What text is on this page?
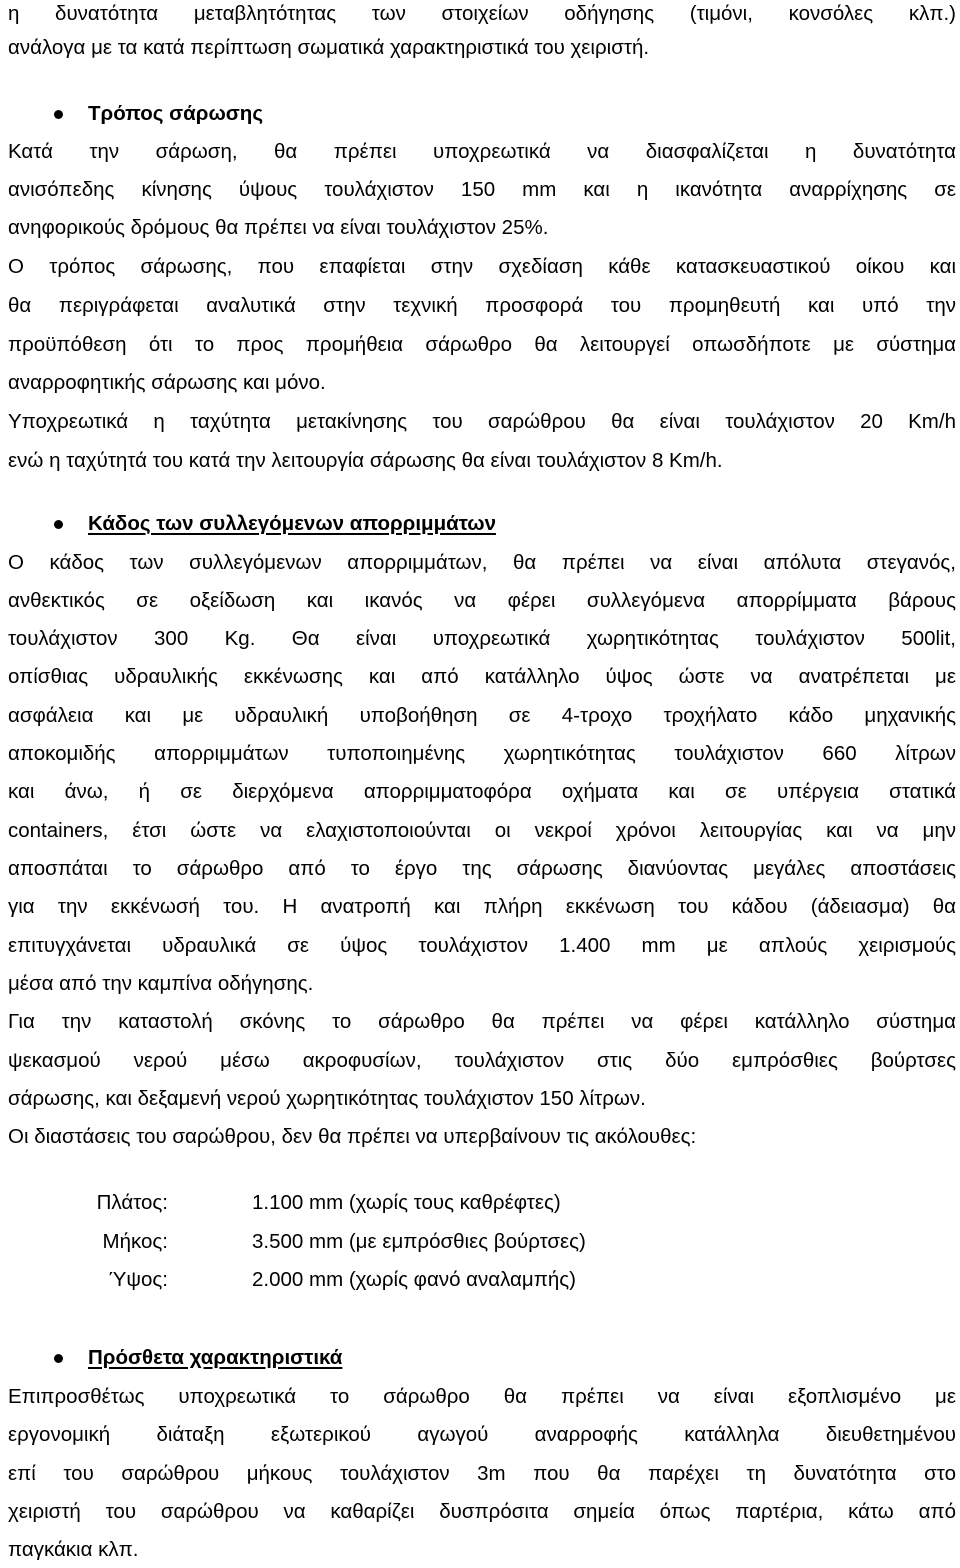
η δυνατότητα μεταβλητότητας των στοιχείων οδήγησης (τιμόνι, κονσόλες κλπ.)
ανάλογα με τα κατά περίπτωση σωματικά χαρακτηριστικά του χειριστή.
Τρόπος σάρωσης
Κατά την σάρωση, θα πρέπει υποχρεωτικά να διασφαλίζεται η δυνατότητα
ανισόπεδης κίνησης ύψους τουλάχιστον 150 mm και η ικανότητα αναρρίχησης σε
ανηφορικούς δρόμους θα πρέπει να είναι τουλάχιστον 25%.
Ο τρόπος σάρωσης, που επαφίεται στην σχεδίαση κάθε κατασκευαστικού οίκου και
θα περιγράφεται αναλυτικά στην τεχνική προσφορά του προμηθευτή και υπό την
προϋπόθεση ότι το προς προμήθεια σάρωθρο θα λειτουργεί οπωσδήποτε με σύστημα
αναρροφητικής σάρωσης και μόνο.
Υποχρεωτικά η ταχύτητα μετακίνησης του σαρώθρου θα είναι τουλάχιστον 20 Km/h
ενώ η ταχύτητά του κατά την λειτουργία σάρωσης θα είναι τουλάχιστον 8 Km/h.
Κάδος των συλλεγόμενων απορριμμάτων
Ο κάδος των συλλεγόμενων απορριμμάτων, θα πρέπει να είναι απόλυτα στεγανός,
ανθεκτικός σε οξείδωση και ικανός να φέρει συλλεγόμενα απορρίμματα βάρους
τουλάχιστον 300 Kg. Θα είναι υποχρεωτικά χωρητικότητας τουλάχιστον 500lit,
οπίσθιας υδραυλικής εκκένωσης και από κατάλληλο ύψος ώστε να ανατρέπεται με
ασφάλεια και με υδραυλική υποβοήθηση σε 4-τροχο τροχήλατο κάδο μηχανικής
αποκομιδής απορριμμάτων τυποποιημένης χωρητικότητας τουλάχιστον 660 λίτρων
και άνω, ή σε διερχόμενα απορριμματοφόρα οχήματα και σε υπέργεια στατικά
containers, έτσι ώστε να ελαχιστοποιούνται οι νεκροί χρόνοι λειτουργίας και να μην
αποσπάται το σάρωθρο από το έργο της σάρωσης διανύοντας μεγάλες αποστάσεις
για την εκκένωσή του. Η ανατροπή και πλήρη εκκένωση του κάδου (άδειασμα) θα
επιτυγχάνεται υδραυλικά σε ύψος τουλάχιστον 1.400 mm με απλούς χειρισμούς
μέσα από την καμπίνα οδήγησης.
Για την καταστολή σκόνης το σάρωθρο θα πρέπει να φέρει κατάλληλο σύστημα
ψεκασμού νερού μέσω ακροφυσίων, τουλάχιστον στις δύο εμπρόσθιες βούρτσες
σάρωσης, και δεξαμενή νερού χωρητικότητας τουλάχιστον 150 λίτρων.
Οι διαστάσεις του σαρώθρου, δεν θα πρέπει να υπερβαίνουν τις ακόλουθες:
Πλάτος:	1.100 mm (χωρίς τους καθρέφτες)
Μήκος:	3.500 mm (με εμπρόσθιες βούρτσες)
Ύψος:	2.000 mm (χωρίς φανό αναλαμπής)
Πρόσθετα χαρακτηριστικά
Επιπροσθέτως υποχρεωτικά το σάρωθρο θα πρέπει να είναι εξοπλισμένο με
εργονομική διάταξη εξωτερικού αγωγού αναρροφής κατάλληλα διευθετημένου
επί του σαρώθρου μήκους τουλάχιστον 3m που θα παρέχει τη δυνατότητα στο
χειριστή του σαρώθρου να καθαρίζει δυσπρόσιτα σημεία όπως παρτέρια, κάτω από
παγκάκια κλπ.
